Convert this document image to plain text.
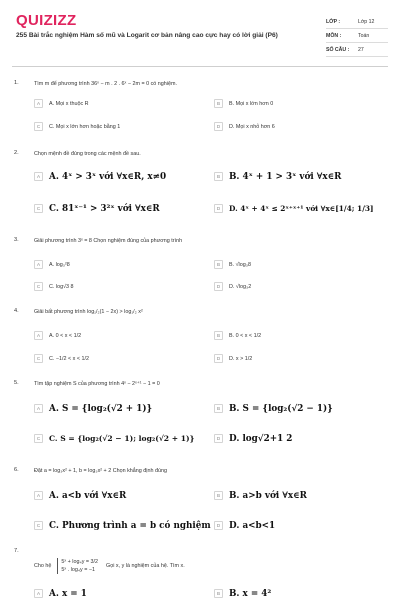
QUIZIZZ
255 Bài trắc nghiệm Hàm số mũ và Logarit cơ bản nâng cao cực hay có lời giải (P6)
LỚP :	Lớp 12
MÔN :	Toán
SỐ CÂU :	27
1.	Tìm m để phương trình 36ˣ − m . 2 . 6ˣ − 2m = 0 có nghiệm.
A	A. Mọi x thuộc R	B	B. Mọi x lớn hơn 0
C	C. Mọi x lớn hơn hoặc bằng 1	D	D. Mọi x nhỏ hơn 6
2.	Chọn mệnh đề đúng trong các mệnh đề sau.
A	A. 4ˣ > 3ˣ với ∀x∈R, x≠0	B	B. 4ˣ + 1 > 3ˣ với ∀x∈R
C	C. 81ˣ⁻¹ > 3²ˣ với ∀x∈R	D	D. 4ˣ + 4ˣ ≤ 2ˣ⁺ˣ⁺¹ với ∀x∈[1/4; 1/3]
3.	Giải phương trình 3ˣ = 8 Chọn nghiệm đúng của phương trình
A	A. log₃²8	B	B. √log₃8
C	C. log√3 8	D	D. √log₃2
4.	Giải bất phương trình log₁/₂(1 − 2x) > log₁/₂ x²
A	A. 0 < x < 1/2	B	B. 0 < x < 1/2
C	C. −1/2 < x < 1/2	D	D. x > 1/2
5.	Tìm tập nghiệm S của phương trình 4ˣ − 2ˣ⁺¹ − 1 = 0
A	A. S = {log₂(√2 + 1)}	B	B. S = {log₂(√2 − 1)}
C	C. S = {log₂(√2 − 1); log₂(√2 + 1)}	D	D. log√2+1 2
6.	Đặt a = log₃x² + 1, b = log₃x² + 2 Chọn khẳng định đúng
A	A. a<b với ∀x∈R	B	B. a>b với ∀x∈R
C	C. Phương trình a = b có nghiệm	D	D. a<b<1
7.
Cho hệ
5ˣ + log₄y = 3/2
5ˣ . log₄y = −1
Gọi x, y là nghiệm của hệ. Tìm x.
A	A. x = 1	B	B. x = 4²
